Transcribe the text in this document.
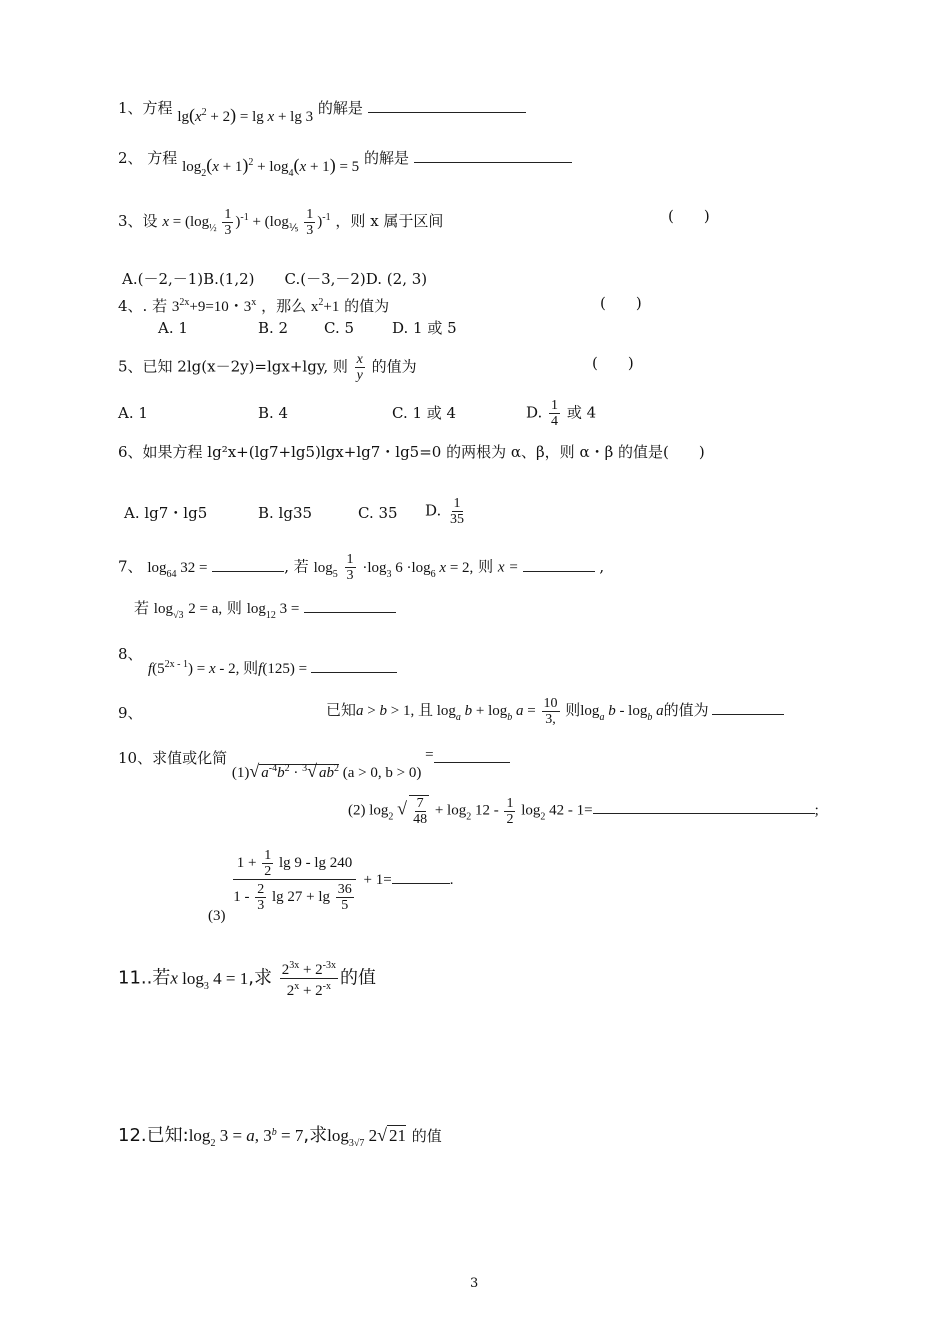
1、方程 $\lg(x^2 + 2) = \lg x + \lg 3$ 的解是
2、 方程 $\log_2(x + 1)^2 + \log_4(x + 1) = 5$ 的解是
3、设 $x = (\log_{\frac{1}{2}} \frac{1}{3} )^{-1} + (\log_{\frac{1}{5}} \frac{1}{3} )^{-1}$ ，则 x 属于区间	(　　)
A.(－2,－1)B.(1,2)　　C.(－3,－2)D. (2, 3)
4、. 若 $3^{2x}+9=10$・3$^x$ ，那么 $x^2+1$ 的值为	(　　)
A. 1	B. 2 C. 5	D. 1 或 5
5、已知 2lg(x－2y)=lgx+lgy, 则 $\frac{x}{y}$ 的值为	(　　)
A. 1	B. 4	C. 1 或 4	D. $\frac{1}{4}$ 或 4
6、如果方程 lg²x+(lg7+lg5)lgx+lg7・lg5=0 的两根为 α、β，则 α・β 的值是(　　)
A. lg7・lg5	B. lg35	C. 35 D. $\frac{1}{35}$
7、 $\log_{64} 32$ =	, 若 $\log_5 \frac{1}{3} \cdot\log_3$ $6 \cdot\log_6$ x = 2, 则 x =	,
若 $\log_{√3} 2 = a$, 则 $\log_{12} 3$ =
8、
$f(5^{2x - 1}) = x - 2$, 则f(125) =
9、	已知a > b > 1, 且 $\log_a b + \log_b a = \frac{10}{3,}$ 则$\log_a b - \log_b a$的值为
10、求值或化简 (1)√ $a^{-4}b^2 \cdot ^3√$ $ab^2$ (a > 0, b > 0) =
(2) $\log_2$ √ $\frac{7}{48} + \log_2 12 - \frac{1}{2} \log_2 42 - 1=$	;
(3)
$\frac{1 + \frac{1}{2} \lg 9 - \lg 240}{1 - \frac{2}{3} \lg 27 + \lg \frac{36}{5}} + 1=$	.
11..若x $\log_3 4 = 1$,求 $\frac{2^{3x} + 2^{-3x}}{2^x + 2^{-x}}$ 的值
12.已知$:\log_2$ 3 = a, $3^b = 7$,求$\log_{3√7} 2√$ 21 的值
3
